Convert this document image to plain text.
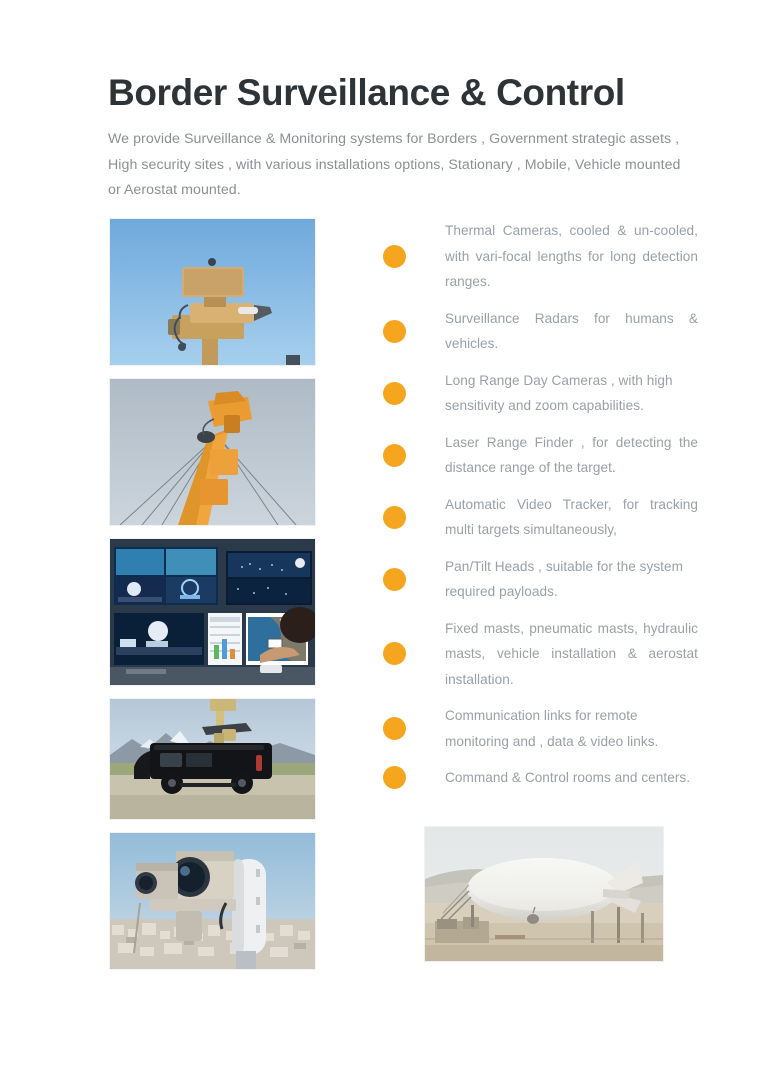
Border Surveillance & Control

We provide Surveillance & Monitoring systems for Borders , Government strategic assets , High security sites , with various installations options, Stationary , Mobile, Vehicle mounted or Aerostat mounted.

Thermal Cameras, cooled & un-cooled, with vari-focal lengths for long detection ranges.
Surveillance Radars for humans & vehicles.
Long Range Day Cameras , with high sensitivity and zoom capabilities.
Laser Range Finder , for detecting the distance range of the target.
Automatic Video Tracker, for tracking multi targets simultaneously,
Pan/Tilt Heads , suitable for the system required payloads.
Fixed masts, pneumatic masts, hydraulic masts, vehicle installation & aerostat installation.
Communication links for remote monitoring and , data & video links.
Command & Control rooms and centers.
